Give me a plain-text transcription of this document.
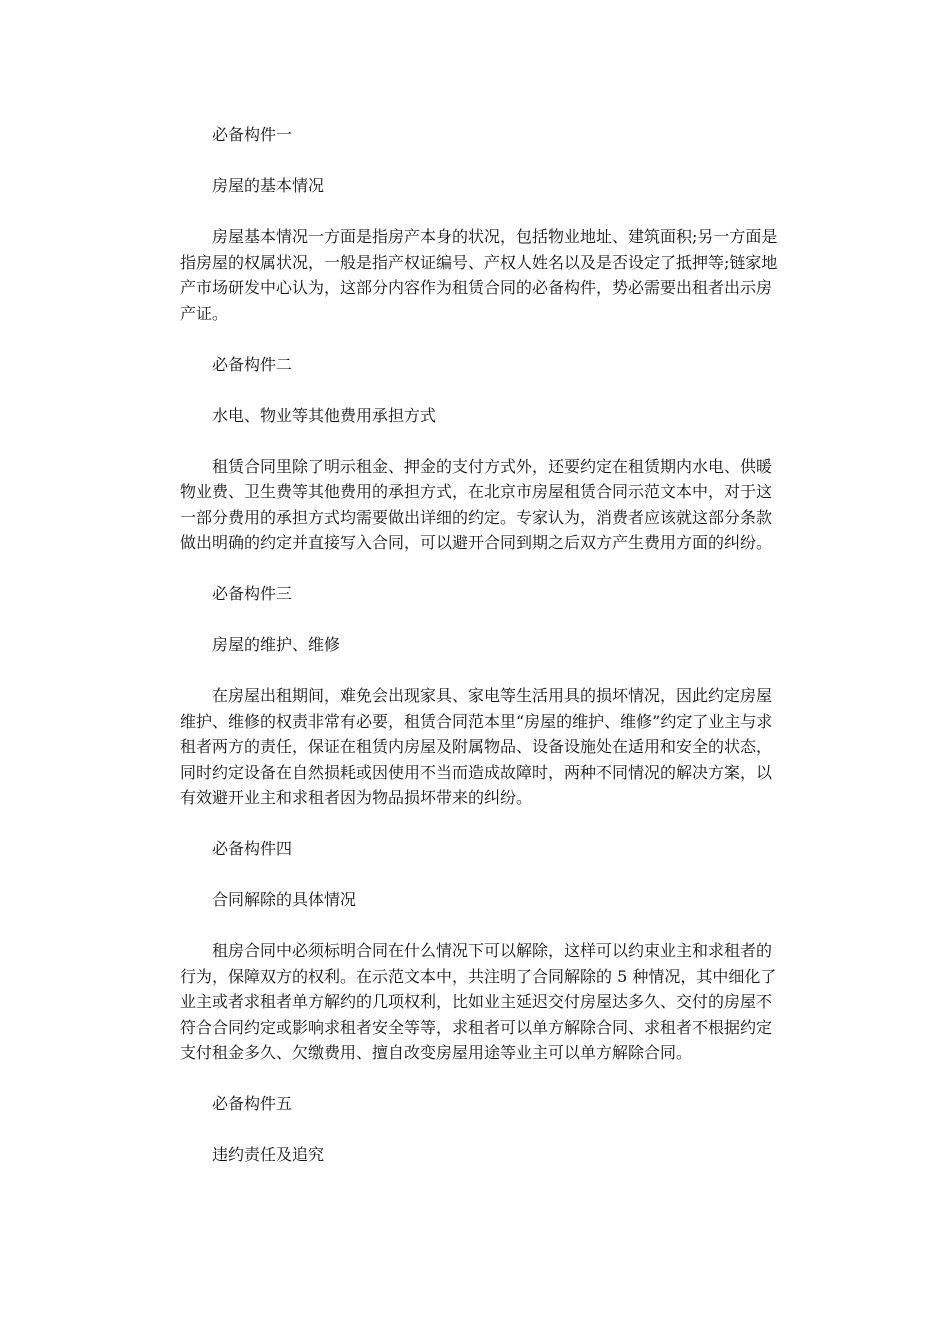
必备构件一

房屋的基本情况

房屋基本情况一方面是指房产本身的状况，包括物业地址、建筑面积;另一方面是指房屋的权属状况，一般是指产权证编号、产权人姓名以及是否设定了抵押等;链家地产市场研发中心认为，这部分内容作为租赁合同的必备构件，势必需要出租者出示房产证。

必备构件二

水电、物业等其他费用承担方式

租赁合同里除了明示租金、押金的支付方式外，还要约定在租赁期内水电、供暖物业费、卫生费等其他费用的承担方式，在北京市房屋租赁合同示范文本中，对于这一部分费用的承担方式均需要做出详细的约定。专家认为，消费者应该就这部分条款做出明确的约定并直接写入合同，可以避开合同到期之后双方产生费用方面的纠纷。

必备构件三

房屋的维护、维修

在房屋出租期间，难免会出现家具、家电等生活用具的损坏情况，因此约定房屋维护、维修的权责非常有必要，租赁合同范本里“房屋的维护、维修”约定了业主与求租者两方的责任，保证在租赁内房屋及附属物品、设备设施处在适用和安全的状态，同时约定设备在自然损耗或因使用不当而造成故障时，两种不同情况的解决方案，以有效避开业主和求租者因为物品损坏带来的纠纷。

必备构件四

合同解除的具体情况

租房合同中必须标明合同在什么情况下可以解除，这样可以约束业主和求租者的行为，保障双方的权利。在示范文本中，共注明了合同解除的 5 种情况，其中细化了业主或者求租者单方解约的几项权利，比如业主延迟交付房屋达多久、交付的房屋不符合合同约定或影响求租者安全等等，求租者可以单方解除合同、求租者不根据约定支付租金多久、欠缴费用、擅自改变房屋用途等业主可以单方解除合同。

必备构件五

违约责任及追究
